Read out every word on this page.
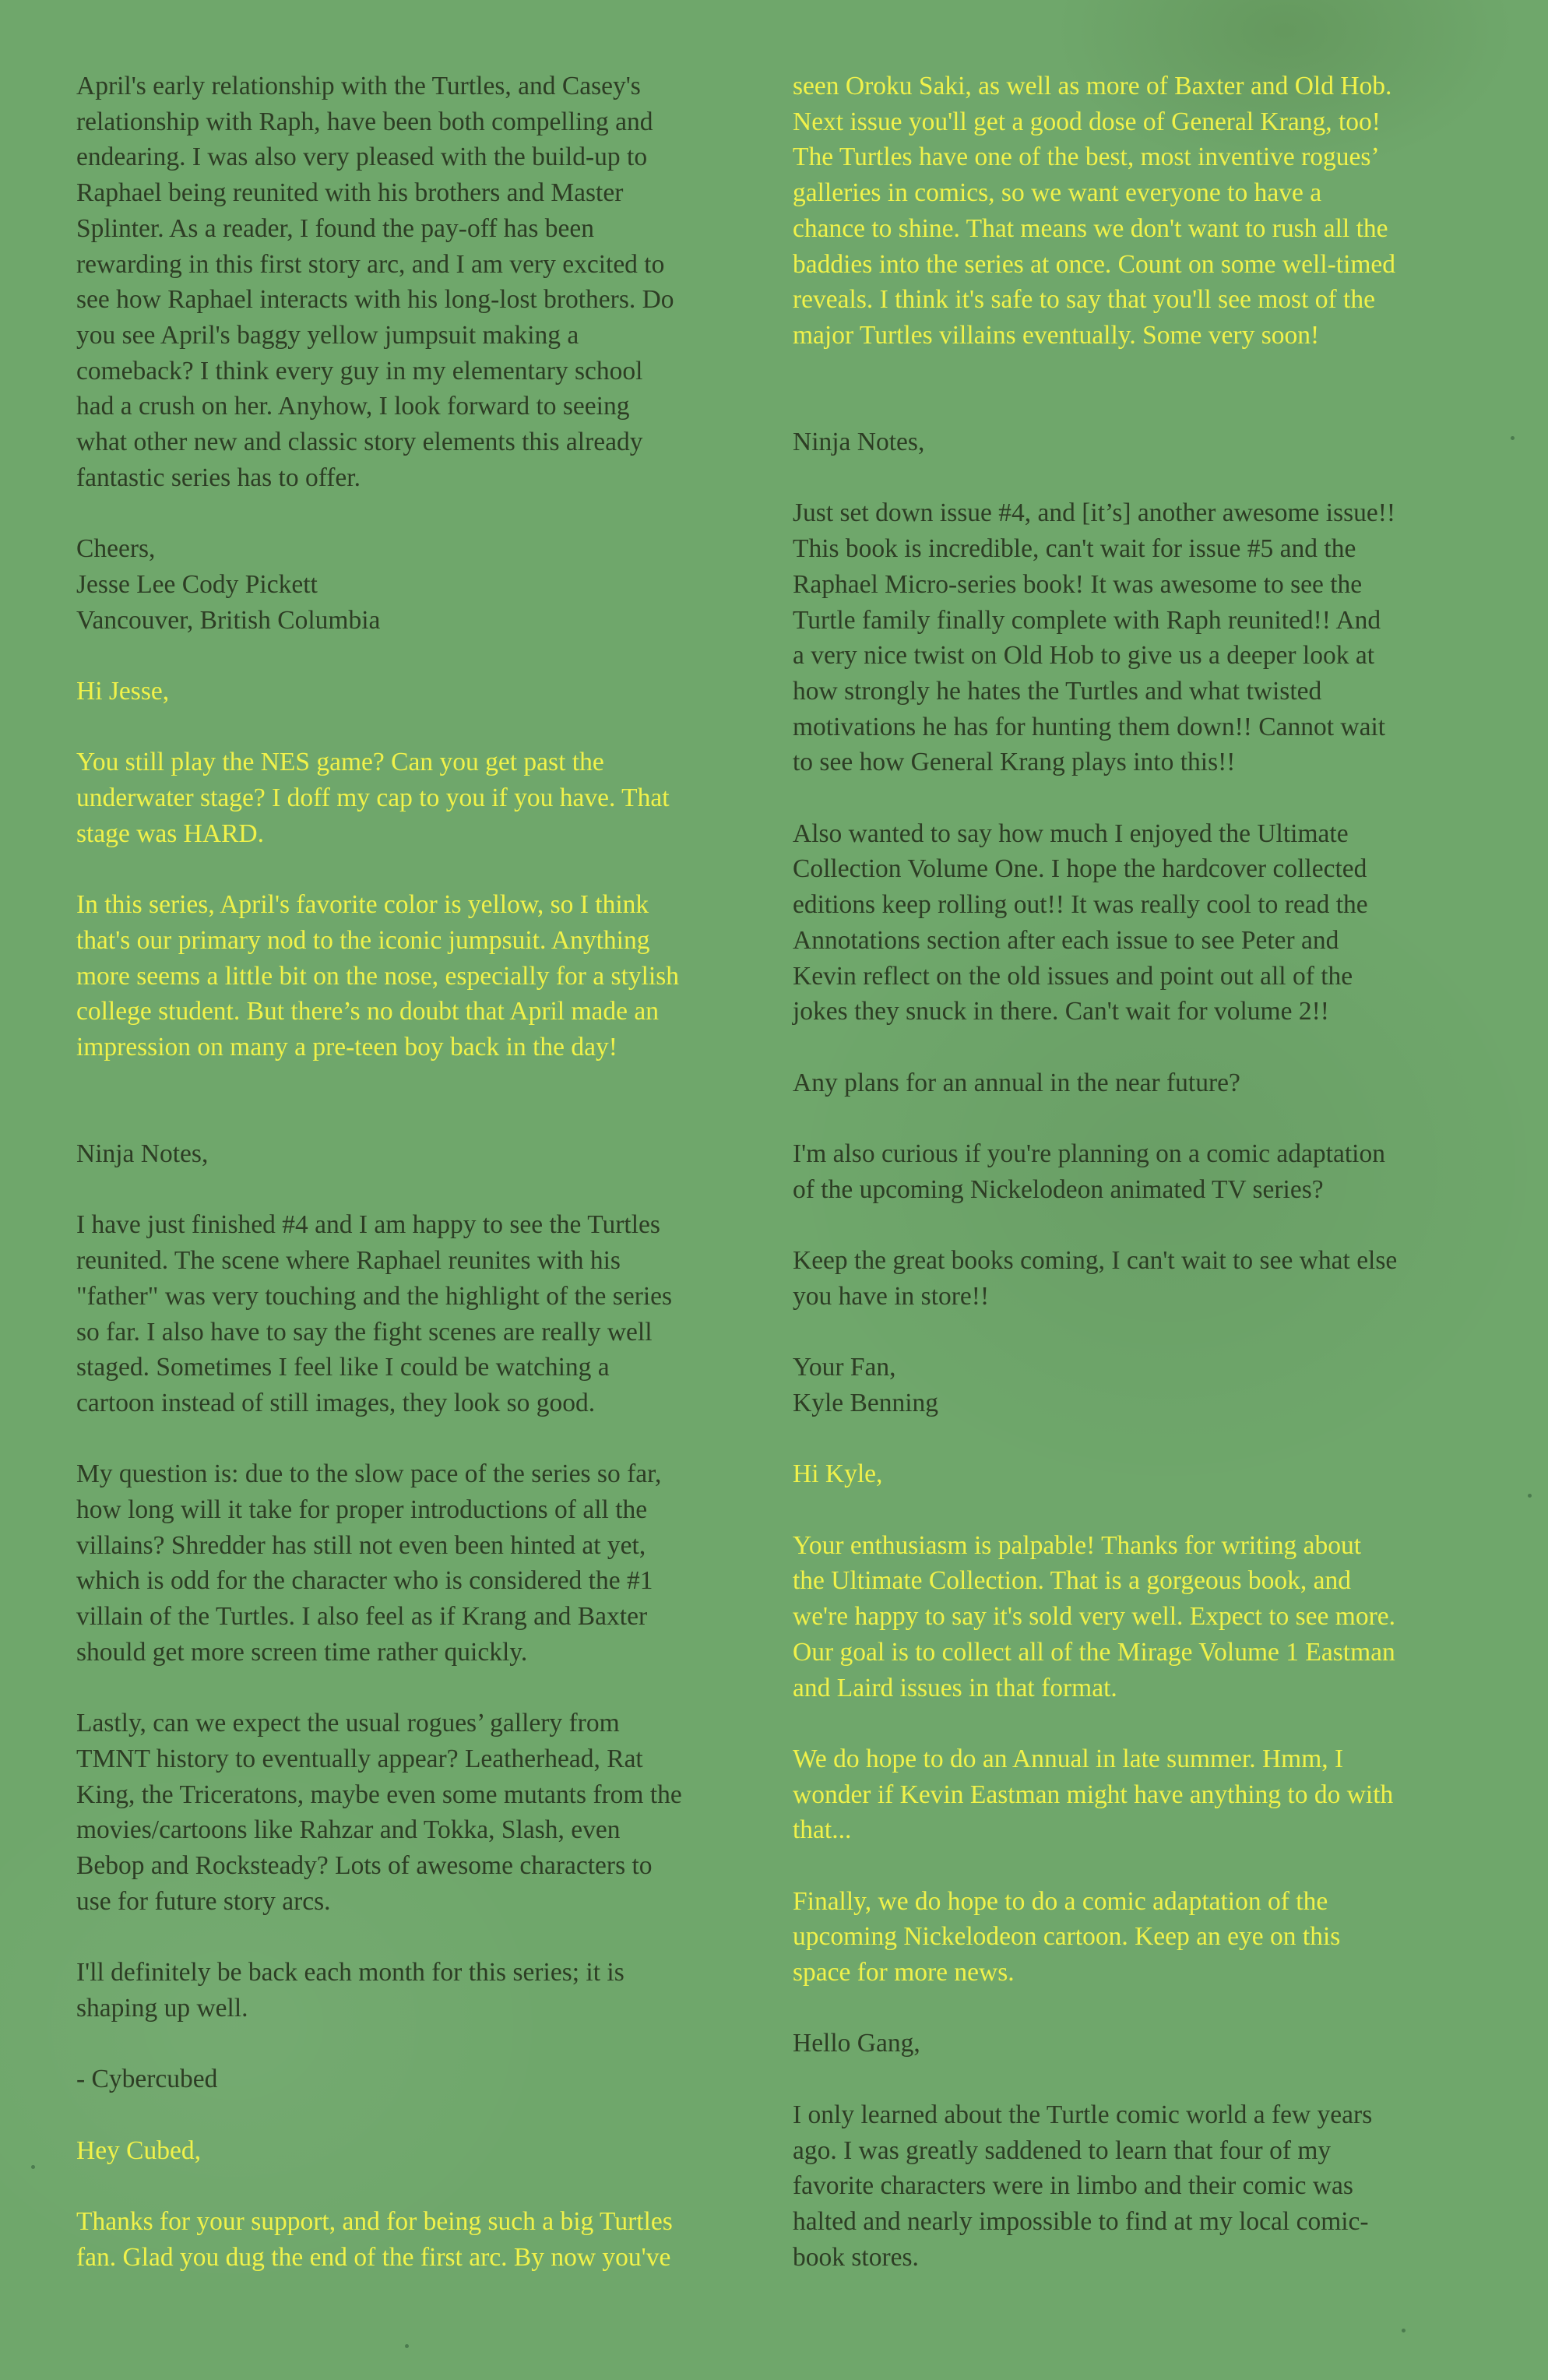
April's early relationship with the Turtles, and Casey's
relationship with Raph, have been both compelling and
endearing. I was also very pleased with the build-up to
Raphael being reunited with his brothers and Master
Splinter. As a reader, I found the pay-off has been
rewarding in this first story arc, and I am very excited to
see how Raphael interacts with his long-lost brothers. Do
you see April's baggy yellow jumpsuit making a
comeback? I think every guy in my elementary school
had a crush on her. Anyhow, I look forward to seeing
what other new and classic story elements this already
fantastic series has to offer.

Cheers,
Jesse Lee Cody Pickett
Vancouver, British Columbia

Hi Jesse,

You still play the NES game? Can you get past the
underwater stage? I doff my cap to you if you have. That
stage was HARD.

In this series, April's favorite color is yellow, so I think
that's our primary nod to the iconic jumpsuit. Anything
more seems a little bit on the nose, especially for a stylish
college student. But there’s no doubt that April made an
impression on many a pre-teen boy back in the day!

Ninja Notes,

I have just finished #4 and I am happy to see the Turtles
reunited. The scene where Raphael reunites with his
"father" was very touching and the highlight of the series
so far. I also have to say the fight scenes are really well
staged. Sometimes I feel like I could be watching a
cartoon instead of still images, they look so good.

My question is: due to the slow pace of the series so far,
how long will it take for proper introductions of all the
villains? Shredder has still not even been hinted at yet,
which is odd for the character who is considered the #1
villain of the Turtles. I also feel as if Krang and Baxter
should get more screen time rather quickly.

Lastly, can we expect the usual rogues’ gallery from
TMNT history to eventually appear? Leatherhead, Rat
King, the Triceratons, maybe even some mutants from the
movies/cartoons like Rahzar and Tokka, Slash, even
Bebop and Rocksteady? Lots of awesome characters to
use for future story arcs.

I'll definitely be back each month for this series; it is
shaping up well.

- Cybercubed

Hey Cubed,

Thanks for your support, and for being such a big Turtles
fan. Glad you dug the end of the first arc. By now you've

seen Oroku Saki, as well as more of Baxter and Old Hob.
Next issue you'll get a good dose of General Krang, too!
The Turtles have one of the best, most inventive rogues’
galleries in comics, so we want everyone to have a
chance to shine. That means we don't want to rush all the
baddies into the series at once. Count on some well-timed
reveals. I think it's safe to say that you'll see most of the
major Turtles villains eventually. Some very soon!

Ninja Notes,

Just set down issue #4, and [it’s] another awesome issue!!
This book is incredible, can't wait for issue #5 and the
Raphael Micro-series book! It was awesome to see the
Turtle family finally complete with Raph reunited!! And
a very nice twist on Old Hob to give us a deeper look at
how strongly he hates the Turtles and what twisted
motivations he has for hunting them down!! Cannot wait
to see how General Krang plays into this!!

Also wanted to say how much I enjoyed the Ultimate
Collection Volume One. I hope the hardcover collected
editions keep rolling out!! It was really cool to read the
Annotations section after each issue to see Peter and
Kevin reflect on the old issues and point out all of the
jokes they snuck in there. Can't wait for volume 2!!

Any plans for an annual in the near future?

I'm also curious if you're planning on a comic adaptation
of the upcoming Nickelodeon animated TV series?

Keep the great books coming, I can't wait to see what else
you have in store!!

Your Fan,
Kyle Benning

Hi Kyle,

Your enthusiasm is palpable! Thanks for writing about
the Ultimate Collection. That is a gorgeous book, and
we're happy to say it's sold very well. Expect to see more.
Our goal is to collect all of the Mirage Volume 1 Eastman
and Laird issues in that format.

We do hope to do an Annual in late summer. Hmm, I
wonder if Kevin Eastman might have anything to do with
that...

Finally, we do hope to do a comic adaptation of the
upcoming Nickelodeon cartoon. Keep an eye on this
space for more news.

Hello Gang,

I only learned about the Turtle comic world a few years
ago. I was greatly saddened to learn that four of my
favorite characters were in limbo and their comic was
halted and nearly impossible to find at my local comic-
book stores.
